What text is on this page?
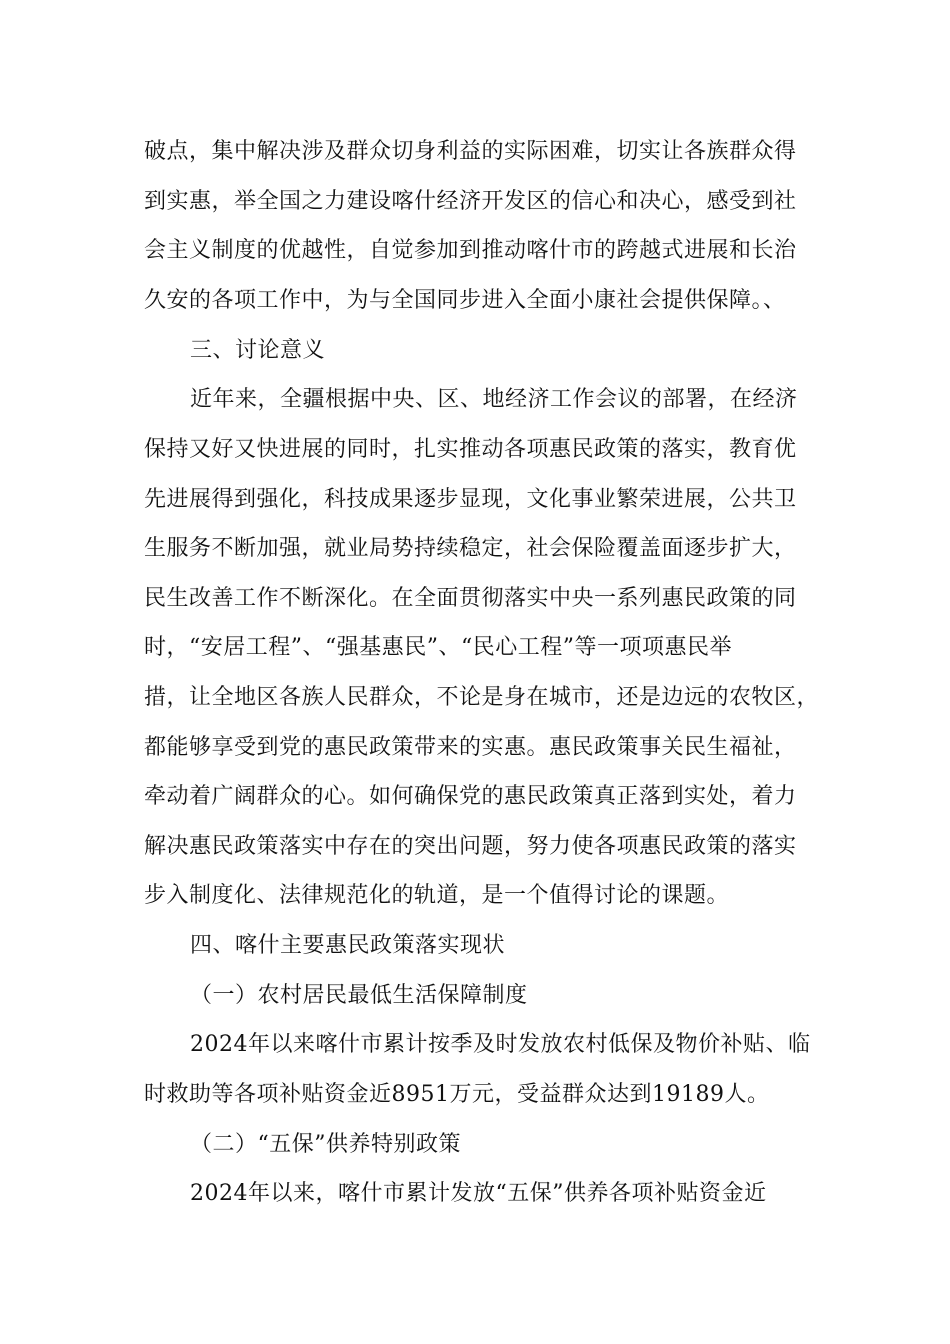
破点，集中解决涉及群众切身利益的实际困难，切实让各族群众得
到实惠，举全国之力建设喀什经济开发区的信心和决心，感受到社
会主义制度的优越性，自觉参加到推动喀什市的跨越式进展和长治
久安的各项工作中，为与全国同步进入全面小康社会提供保障。、
三、讨论意义
近年来，全疆根据中央、区、地经济工作会议的部署，在经济
保持又好又快进展的同时，扎实推动各项惠民政策的落实，教育优
先进展得到强化，科技成果逐步显现，文化事业繁荣进展，公共卫
生服务不断加强，就业局势持续稳定，社会保险覆盖面逐步扩大，
民生改善工作不断深化。在全面贯彻落实中央一系列惠民政策的同
时，“安居工程”、“强基惠民”、“民心工程”等一项项惠民举
措，让全地区各族人民群众，不论是身在城市，还是边远的农牧区，
都能够享受到党的惠民政策带来的实惠。惠民政策事关民生福祉，
牵动着广阔群众的心。如何确保党的惠民政策真正落到实处，着力
解决惠民政策落实中存在的突出问题，努力使各项惠民政策的落实
步入制度化、法律规范化的轨道，是一个值得讨论的课题。
四、喀什主要惠民政策落实现状
（一）农村居民最低生活保障制度
2024年以来喀什市累计按季及时发放农村低保及物价补贴、临
时救助等各项补贴资金近8951万元，受益群众达到19189人。
（二）“五保”供养特别政策
2024年以来，喀什市累计发放“五保”供养各项补贴资金近
